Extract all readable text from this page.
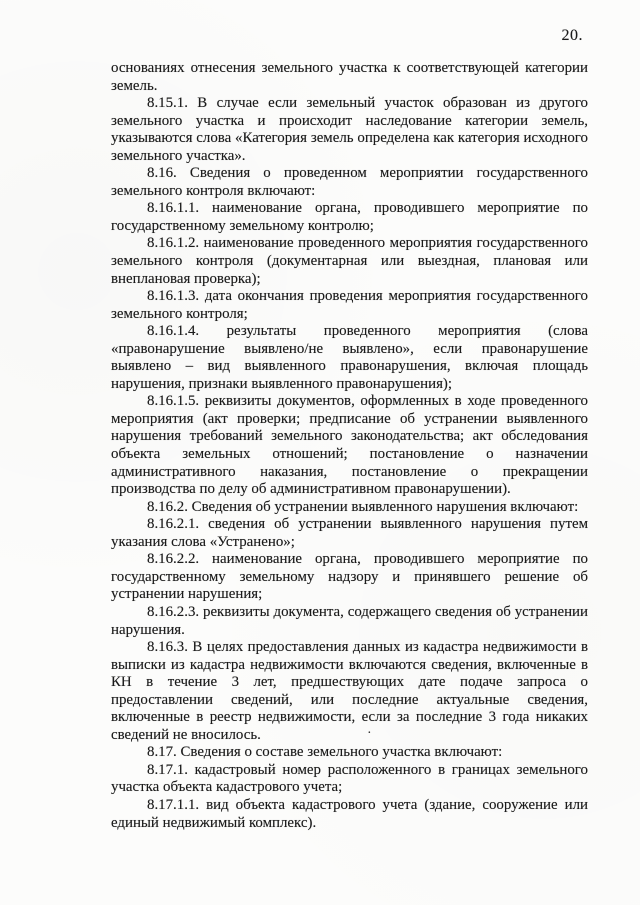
20.

основаниях отнесения земельного участка к соответствующей категории земель.

8.15.1. В случае если земельный участок образован из другого земельного участка и происходит наследование категории земель, указываются слова «Категория земель определена как категория исходного земельного участка».

8.16. Сведения о проведенном мероприятии государственного земельного контроля включают:

8.16.1.1. наименование органа, проводившего мероприятие по государственному земельному контролю;

8.16.1.2. наименование проведенного мероприятия государственного земельного контроля (документарная или выездная, плановая или внеплановая проверка);

8.16.1.3. дата окончания проведения мероприятия государственного земельного контроля;

8.16.1.4. результаты проведенного мероприятия (слова «правонарушение выявлено/не выявлено», если правонарушение выявлено – вид выявленного правонарушения, включая площадь нарушения, признаки выявленного правонарушения);

8.16.1.5. реквизиты документов, оформленных в ходе проведенного мероприятия (акт проверки; предписание об устранении выявленного нарушения требований земельного законодательства; акт обследования объекта земельных отношений; постановление о назначении административного наказания, постановление о прекращении производства по делу об административном правонарушении).

8.16.2. Сведения об устранении выявленного нарушения включают:

8.16.2.1. сведения об устранении выявленного нарушения путем указания слова «Устранено»;

8.16.2.2. наименование органа, проводившего мероприятие по государственному земельному надзору и принявшего решение об устранении нарушения;

8.16.2.3. реквизиты документа, содержащего сведения об устранении нарушения.

8.16.3. В целях предоставления данных из кадастра недвижимости в выписки из кадастра недвижимости включаются сведения, включенные в КН в течение 3 лет, предшествующих дате подаче запроса о предоставлении сведений, или последние актуальные сведения, включенные в реестр недвижимости, если за последние 3 года никаких сведений не вносилось.

8.17. Сведения о составе земельного участка включают:

8.17.1. кадастровый номер расположенного в границах земельного участка объекта кадастрового учета;

8.17.1.1. вид объекта кадастрового учета (здание, сооружение или единый недвижимый комплекс).

·
